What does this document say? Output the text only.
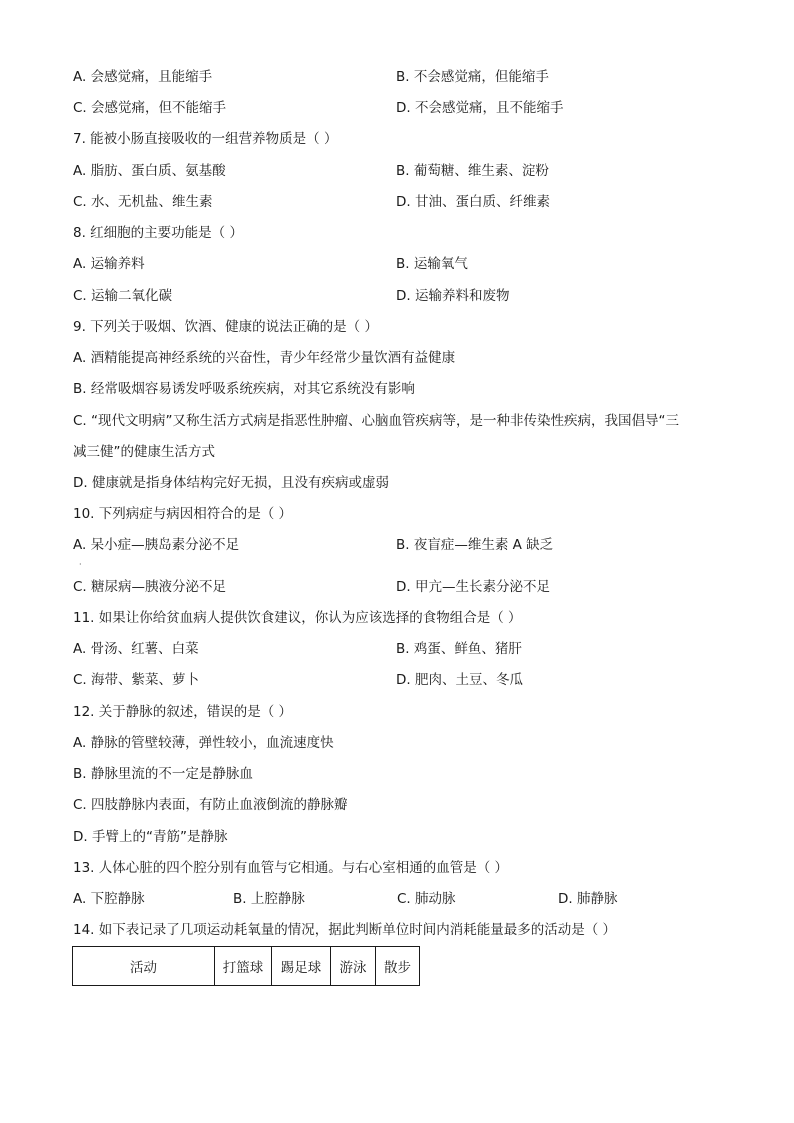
A. 会感觉痛，且能缩手	B. 不会感觉痛，但能缩手
C. 会感觉痛，但不能缩手	D. 不会感觉痛，且不能缩手
7. 能被小肠直接吸收的一组营养物质是（ ）
A. 脂肪、蛋白质、氨基酸	B. 葡萄糖、维生素、淀粉
C. 水、无机盐、维生素	D. 甘油、蛋白质、纤维素
8. 红细胞的主要功能是（ ）
A. 运输养料	B. 运输氧气
C. 运输二氧化碳	D. 运输养料和废物
9. 下列关于吸烟、饮酒、健康的说法正确的是（ ）
A. 酒精能提高神经系统的兴奋性，青少年经常少量饮酒有益健康
B. 经常吸烟容易诱发呼吸系统疾病，对其它系统没有影响
C. “现代文明病”又称生活方式病是指恶性肿瘤、心脑血管疾病等，是一种非传染性疾病，我国倡导“三
减三健”的健康生活方式
D. 健康就是指身体结构完好无损，且没有疾病或虚弱
10. 下列病症与病因相符合的是（ ）
A. 呆小症—胰岛素分泌不足	B. 夜盲症—维生素 A 缺乏
C. 糖尿病—胰液分泌不足	D. 甲亢—生长素分泌不足
11. 如果让你给贫血病人提供饮食建议，你认为应该选择的食物组合是（ ）
A. 骨汤、红薯、白菜	B. 鸡蛋、鲜鱼、猪肝
C. 海带、紫菜、萝卜	D. 肥肉、土豆、冬瓜
12. 关于静脉的叙述，错误的是（ ）
A. 静脉的管壁较薄，弹性较小，血流速度快
B. 静脉里流的不一定是静脉血
C. 四肢静脉内表面，有防止血液倒流的静脉瓣
D. 手臂上的“青筋”是静脉
13. 人体心脏的四个腔分别有血管与它相通。与右心室相通的血管是（ ）
A. 下腔静脉	B. 上腔静脉	C. 肺动脉	D. 肺静脉
14. 如下表记录了几项运动耗氧量的情况，据此判断单位时间内消耗能量最多的活动是（ ）
活动	打篮球	踢足球	游泳	散步
·
